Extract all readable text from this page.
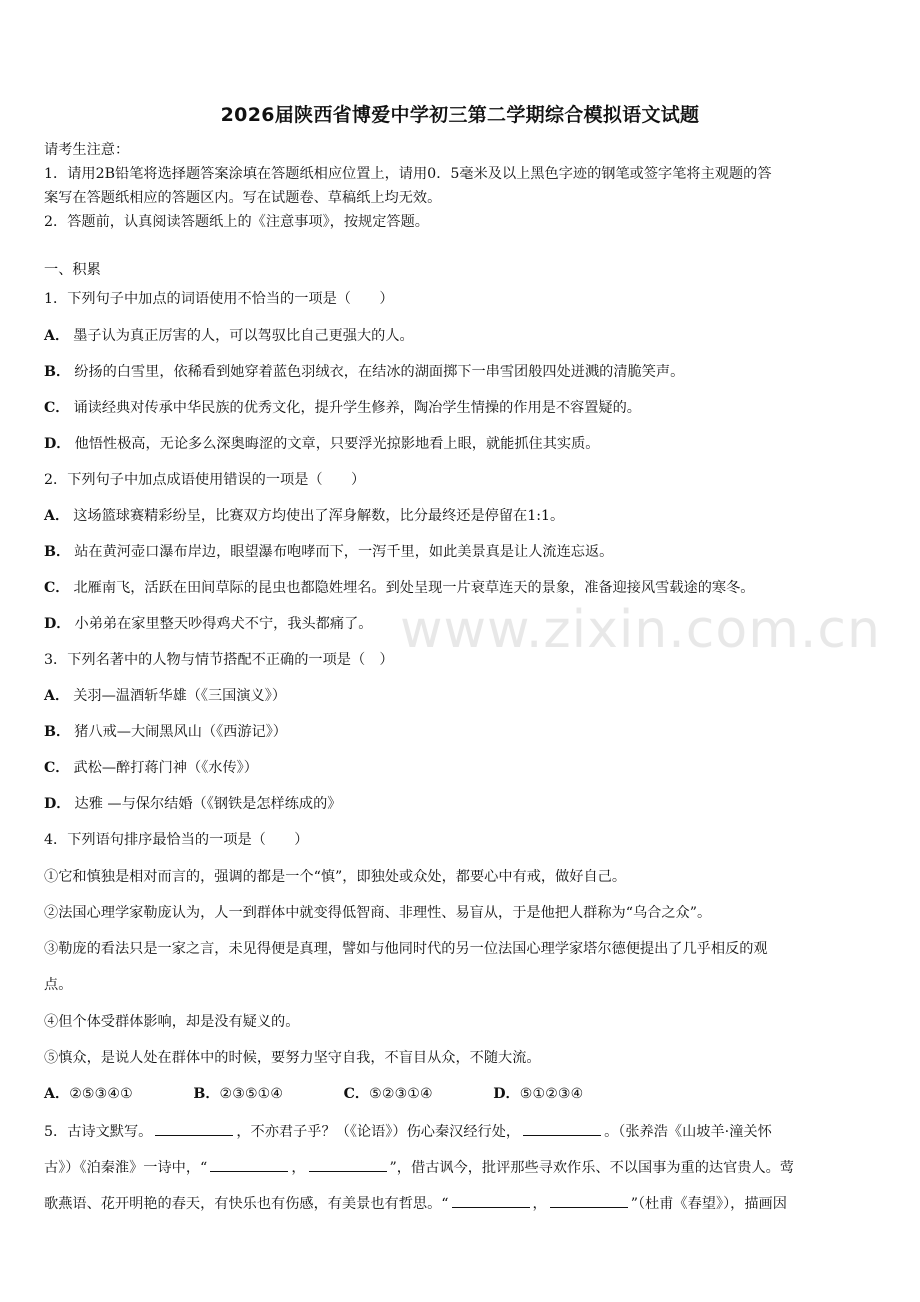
www.zixin.com.cn
2026届陕西省博爱中学初三第二学期综合模拟语文试题
请考生注意：
1．请用2B铅笔将选择题答案涂填在答题纸相应位置上，请用0．5毫米及以上黑色字迹的钢笔或签字笔将主观题的答
案写在答题纸相应的答题区内。写在试题卷、草稿纸上均无效。
2．答题前，认真阅读答题纸上的《注意事项》，按规定答题。
一、积累
1．下列句子中加点的词语使用不恰当的一项是（　　）
A． 墨子认为真正厉害的人，可以驾驭比自己更强大的人。
B． 纷扬的白雪里，依稀看到她穿着蓝色羽绒衣，在结冰的湖面掷下一串雪团般四处迸溅的清脆笑声。
C． 诵读经典对传承中华民族的优秀文化，提升学生修养，陶冶学生情操的作用是不容置疑的。
D． 他悟性极高，无论多么深奥晦涩的文章，只要浮光掠影地看上眼，就能抓住其实质。
2．下列句子中加点成语使用错误的一项是（　　）
A． 这场篮球赛精彩纷呈，比赛双方均使出了浑身解数，比分最终还是停留在1:1。
B． 站在黄河壶口瀑布岸边，眼望瀑布咆哮而下，一泻千里，如此美景真是让人流连忘返。
C． 北雁南飞，活跃在田间草际的昆虫也都隐姓埋名。到处呈现一片衰草连天的景象，准备迎接风雪载途的寒冬。
D． 小弟弟在家里整天吵得鸡犬不宁，我头都痛了。
3．下列名著中的人物与情节搭配不正确的一项是（　）
A． 关羽—温酒斩华雄（《三国演义》）
B． 猪八戒—大闹黑风山（《西游记》）
C． 武松—醉打蒋门神（《水传》）
D． 达雅 —与保尔结婚（《钢铁是怎样练成的》
4．下列语句排序最恰当的一项是（　　）
①它和慎独是相对而言的，强调的都是一个“慎”，即独处或众处，都要心中有戒，做好自己。
②法国心理学家勒庞认为，人一到群体中就变得低智商、非理性、易盲从，于是他把人群称为“乌合之众”。
③勒庞的看法只是一家之言，未见得便是真理，譬如与他同时代的另一位法国心理学家塔尔德便提出了几乎相反的观
点。
④但个体受群体影响，却是没有疑义的。
⑤慎众，是说人处在群体中的时候，要努力坚守自我，不盲目从众，不随大流。
A．②⑤③④①	B．②③⑤①④	C．⑤②③①④	D．⑤①②③④
5．古诗文默写。	，不亦君子乎？（《论语》）伤心秦汉经行处，	。（张养浩《山坡羊·潼关怀
古》）《泊秦淮》一诗中，“	，	”，借古讽今，批评那些寻欢作乐、不以国事为重的达官贵人。莺
歌燕语、花开明艳的春天，有快乐也有伤感，有美景也有哲思。“	，	”（杜甫《春望》），描画因
